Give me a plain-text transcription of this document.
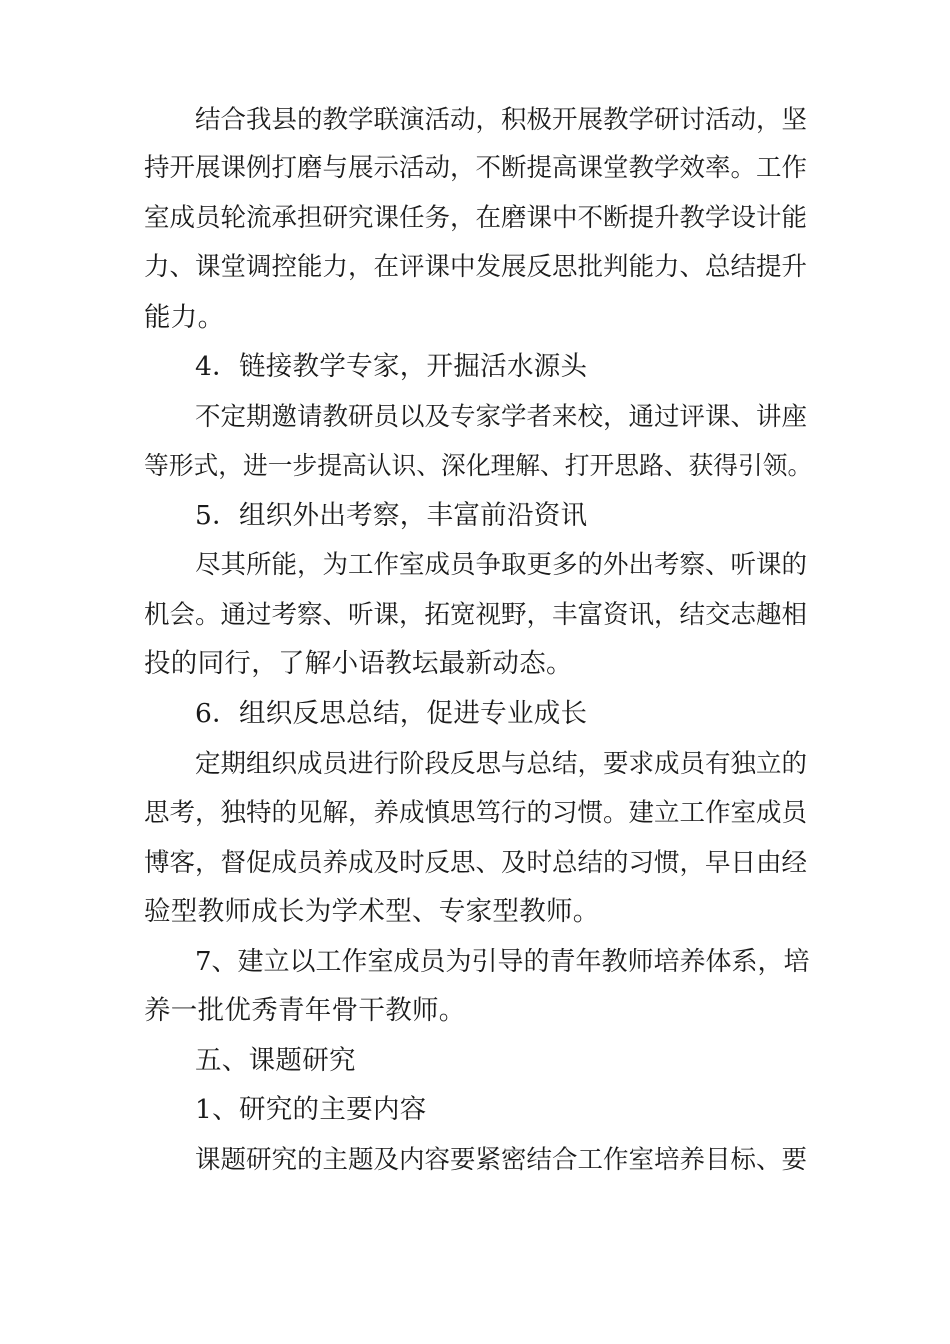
结合我县的教学联演活动，积极开展教学研讨活动，坚
持开展课例打磨与展示活动，不断提高课堂教学效率。工作
室成员轮流承担研究课任务，在磨课中不断提升教学设计能
力、课堂调控能力，在评课中发展反思批判能力、总结提升
能力。
4．链接教学专家，开掘活水源头
不定期邀请教研员以及专家学者来校，通过评课、讲座
等形式，进一步提高认识、深化理解、打开思路、获得引领。
5．组织外出考察，丰富前沿资讯
尽其所能，为工作室成员争取更多的外出考察、听课的
机会。通过考察、听课，拓宽视野，丰富资讯，结交志趣相
投的同行，了解小语教坛最新动态。
6．组织反思总结，促进专业成长
定期组织成员进行阶段反思与总结，要求成员有独立的
思考，独特的见解，养成慎思笃行的习惯。建立工作室成员
博客，督促成员养成及时反思、及时总结的习惯，早日由经
验型教师成长为学术型、专家型教师。
7、建立以工作室成员为引导的青年教师培养体系，培
养一批优秀青年骨干教师。
五、课题研究
1、研究的主要内容
课题研究的主题及内容要紧密结合工作室培养目标、要
